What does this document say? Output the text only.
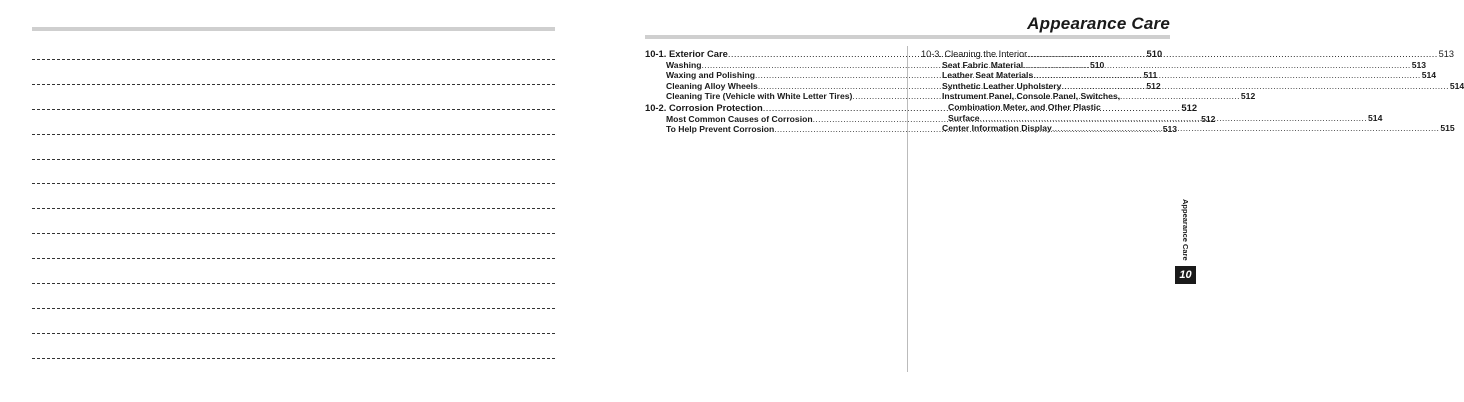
Appearance Care
10-1. Exterior Care .....	510
Washing .....	510
Waxing and Polishing .....	511
Cleaning Alloy Wheels .....	512
Cleaning Tire (Vehicle with White Letter Tires) .....	512
10-2. Corrosion Protection .....	512
Most Common Causes of Corrosion .....	512
To Help Prevent Corrosion .....	513
10-3. Cleaning the Interior .....	513
Seat Fabric Material .....	513
Leather Seat Materials .....	514
Synthetic Leather Upholstery .....	514
Instrument Panel, Console Panel, Switches,
Combination Meter, and Other Plastic
Surface .....	514
Center Information Display .....	515
Appearance Care
10
